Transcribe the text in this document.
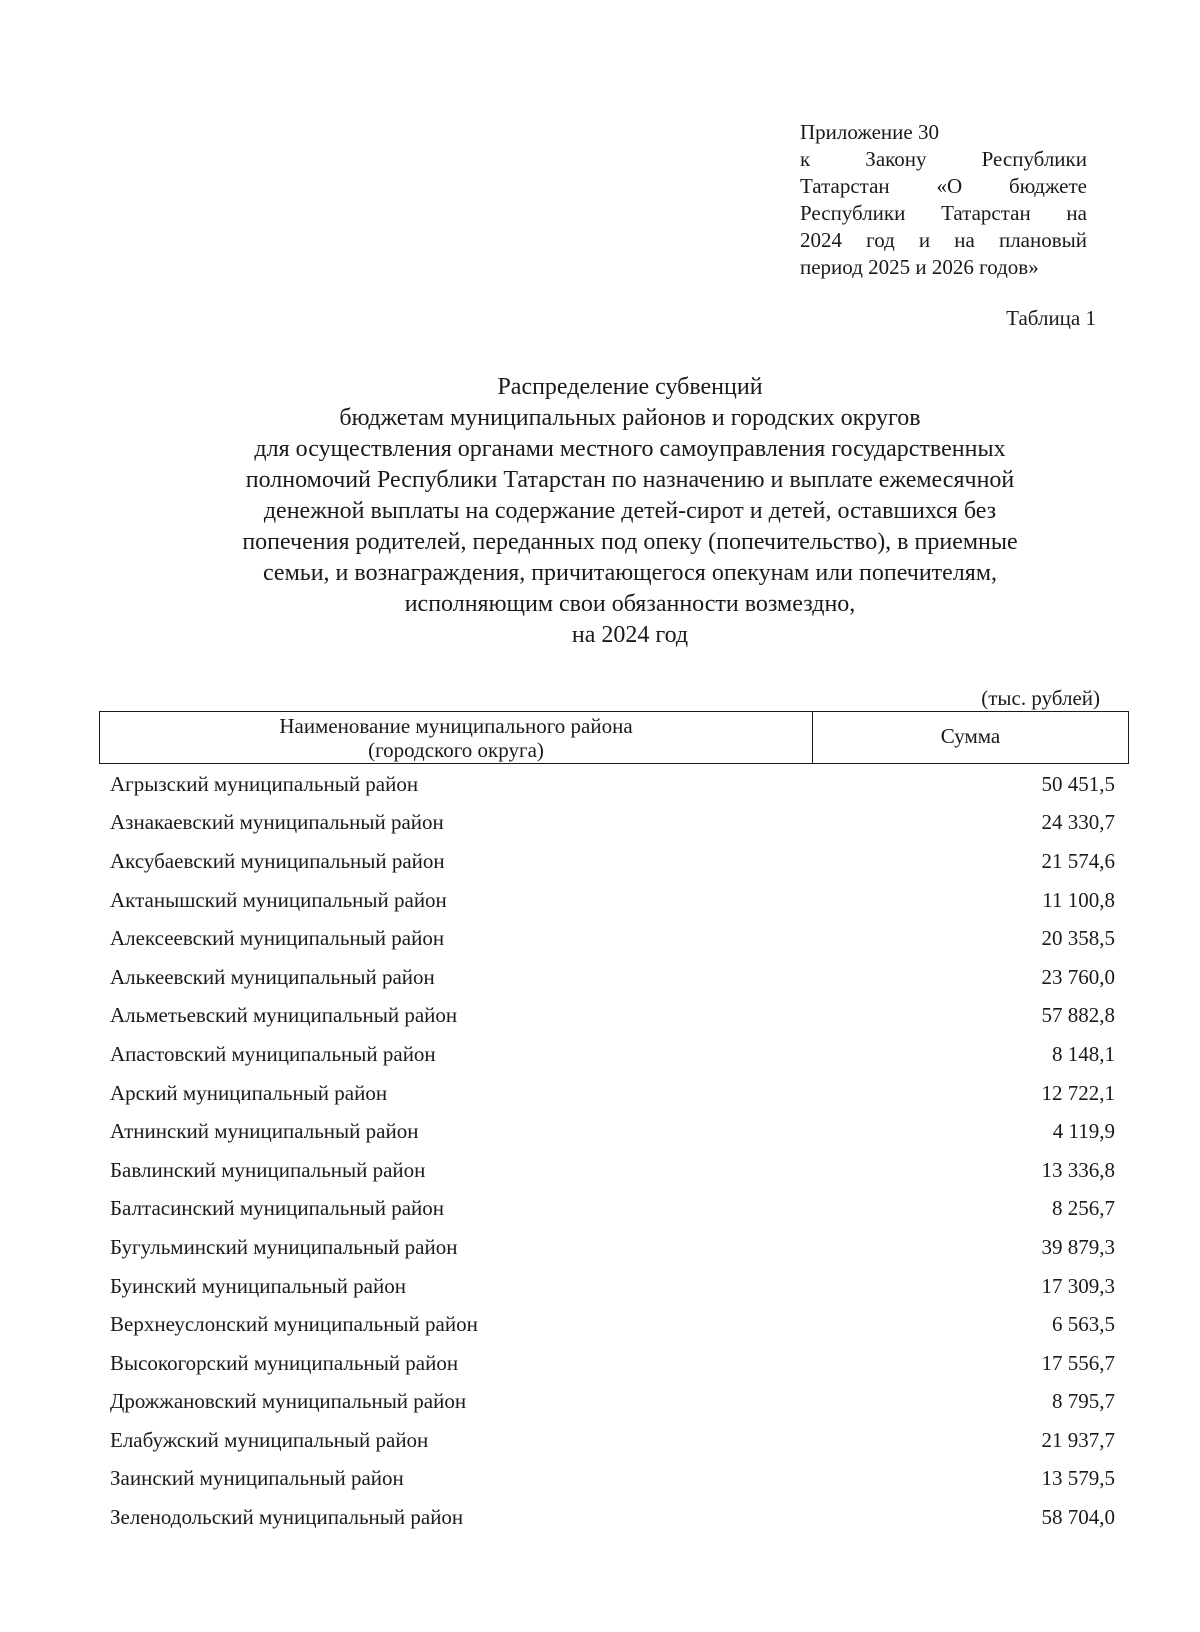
Приложение 30
к Закону Республики
Татарстан «О бюджете
Республики Татарстан на
2024 год и на плановый
период 2025 и 2026 годов»
Таблица 1
Распределение субвенций
бюджетам муниципальных районов и городских округов
для осуществления органами местного самоуправления государственных
полномочий Республики Татарстан по назначению и выплате ежемесячной
денежной выплаты на содержание детей-сирот и детей, оставшихся без
попечения родителей, переданных под опеку (попечительство), в приемные
семьи, и вознаграждения, причитающегося опекунам или попечителям,
исполняющим свои обязанности возмездно,
на 2024 год
(тыс. рублей)
Наименование муниципального района
(городского округа)
Сумма
Агрызский муниципальный район	50 451,5
Азнакаевский муниципальный район	24 330,7
Аксубаевский муниципальный район	21 574,6
Актанышский муниципальный район	11 100,8
Алексеевский муниципальный район	20 358,5
Алькеевский муниципальный район	23 760,0
Альметьевский муниципальный район	57 882,8
Апастовский муниципальный район	8 148,1
Арский муниципальный район	12 722,1
Атнинский муниципальный район	4 119,9
Бавлинский муниципальный район	13 336,8
Балтасинский муниципальный район	8 256,7
Бугульминский муниципальный район	39 879,3
Буинский муниципальный район	17 309,3
Верхнеуслонский муниципальный район	6 563,5
Высокогорский муниципальный район	17 556,7
Дрожжановский муниципальный район	8 795,7
Елабужский муниципальный район	21 937,7
Заинский муниципальный район	13 579,5
Зеленодольский муниципальный район	58 704,0
